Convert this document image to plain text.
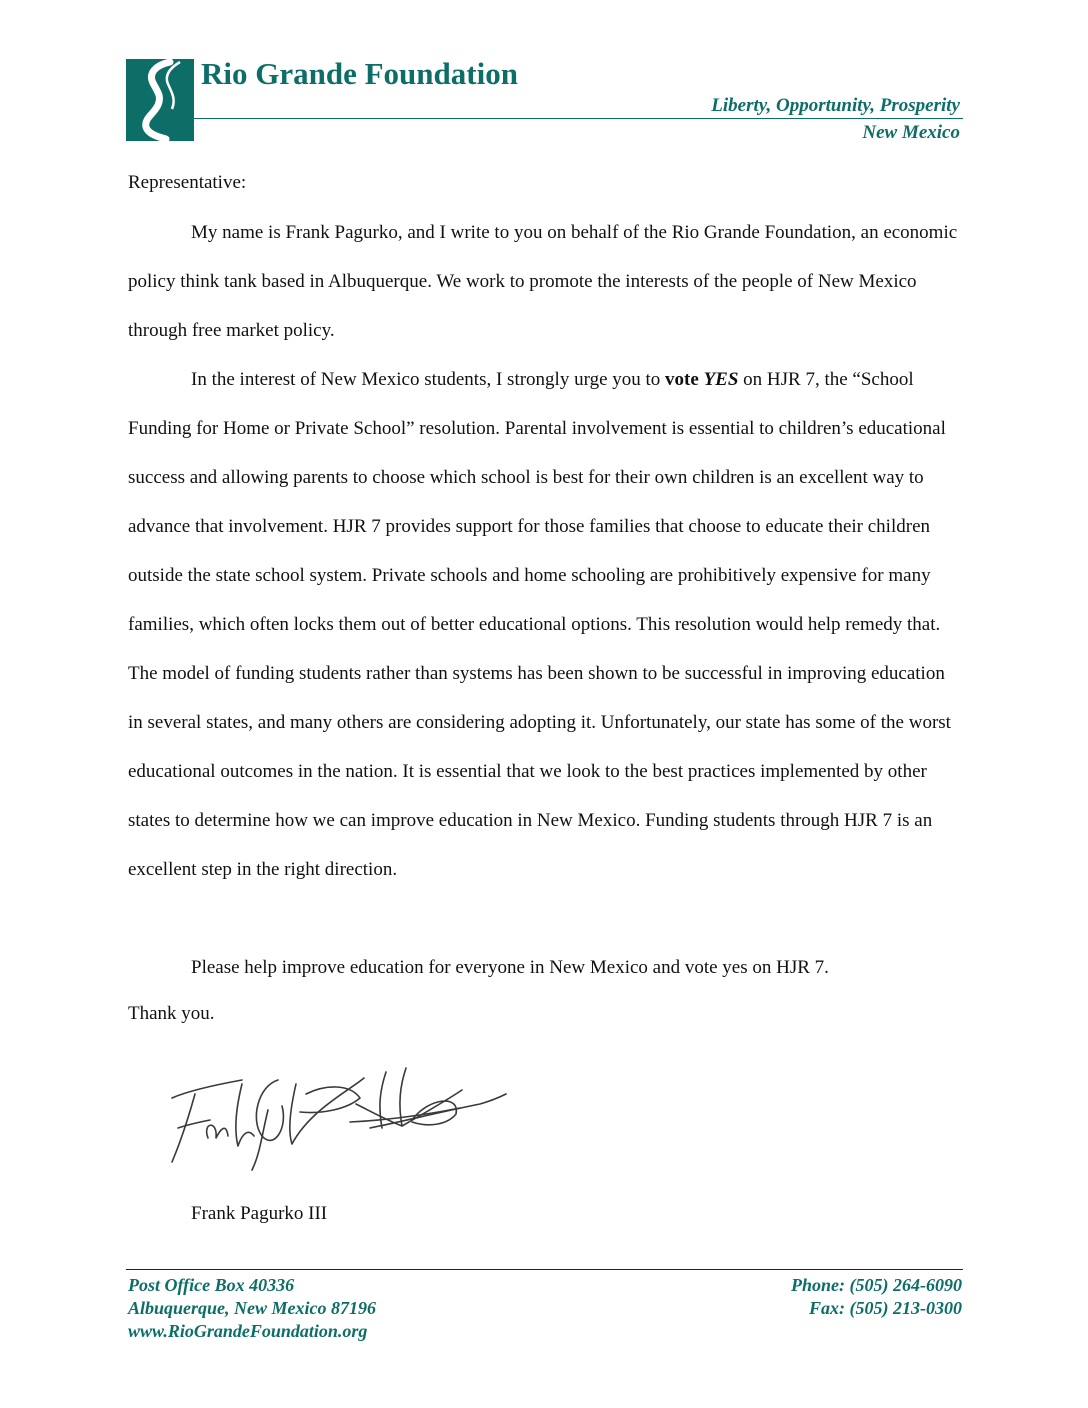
Rio Grande Foundation
Liberty, Opportunity, Prosperity
New Mexico

Representative:

My name is Frank Pagurko, and I write to you on behalf of the Rio Grande Foundation, an economic policy think tank based in Albuquerque. We work to promote the interests of the people of New Mexico through free market policy.

In the interest of New Mexico students, I strongly urge you to vote YES on HJR 7, the “School Funding for Home or Private School” resolution. Parental involvement is essential to children’s educational success and allowing parents to choose which school is best for their own children is an excellent way to advance that involvement. HJR 7 provides support for those families that choose to educate their children outside the state school system. Private schools and home schooling are prohibitively expensive for many families, which often locks them out of better educational options. This resolution would help remedy that. The model of funding students rather than systems has been shown to be successful in improving education in several states, and many others are considering adopting it. Unfortunately, our state has some of the worst educational outcomes in the nation. It is essential that we look to the best practices implemented by other states to determine how we can improve education in New Mexico. Funding students through HJR 7 is an excellent step in the right direction.

Please help improve education for everyone in New Mexico and vote yes on HJR 7.

Thank you.

Frank Pagurko III

Post Office Box 40336
Albuquerque, New Mexico 87196
www.RioGrandeFoundation.org
Phone: (505) 264-6090
Fax: (505) 213-0300
